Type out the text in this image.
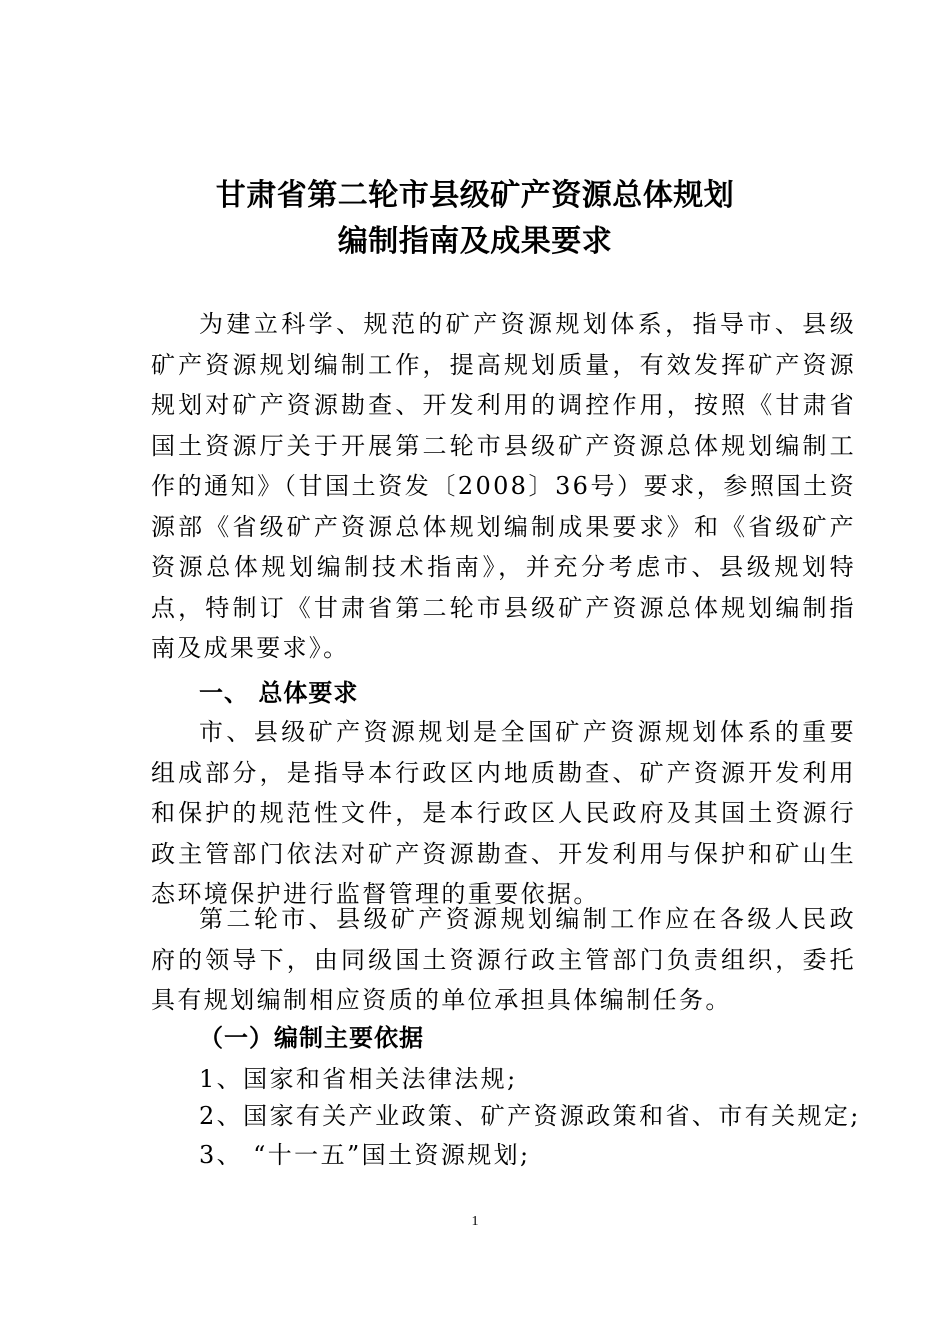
甘肃省第二轮市县级矿产资源总体规划
编制指南及成果要求

为建立科学、规范的矿产资源规划体系，指导市、县级矿产资源规划编制工作，提高规划质量，有效发挥矿产资源规划对矿产资源勘查、开发利用的调控作用，按照《甘肃省国土资源厅关于开展第二轮市县级矿产资源总体规划编制工作的通知》（甘国土资发〔2008〕36号）要求，参照国土资源部《省级矿产资源总体规划编制成果要求》和《省级矿产资源总体规划编制技术指南》，并充分考虑市、县级规划特点，特制订《甘肃省第二轮市县级矿产资源总体规划编制指南及成果要求》。

一、 总体要求

市、县级矿产资源规划是全国矿产资源规划体系的重要组成部分，是指导本行政区内地质勘查、矿产资源开发利用和保护的规范性文件，是本行政区人民政府及其国土资源行政主管部门依法对矿产资源勘查、开发利用与保护和矿山生态环境保护进行监督管理的重要依据。

第二轮市、县级矿产资源规划编制工作应在各级人民政府的领导下，由同级国土资源行政主管部门负责组织，委托具有规划编制相应资质的单位承担具体编制任务。

（一）编制主要依据

1、国家和省相关法律法规;

2、国家有关产业政策、矿产资源政策和省、市有关规定;

3、 “十一五”国土资源规划;

1
